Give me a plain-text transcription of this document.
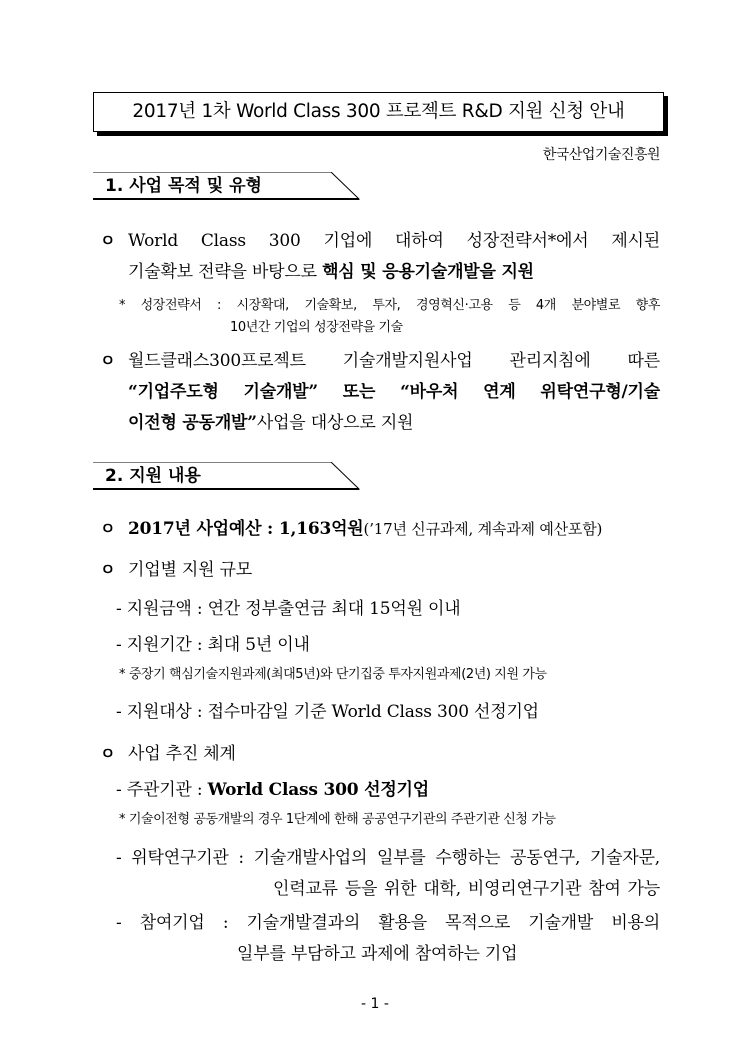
2017년 1차 World Class 300 프로젝트 R&D 지원 신청 안내
한국산업기술진흥원
1. 사업 목적 및 유형
ㅇ World Class 300 기업에 대하여 성장전략서*에서 제시된
기술확보 전략을 바탕으로 핵심 및 응용기술개발을 지원
* 성장전략서 : 시장확대, 기술확보, 투자, 경영혁신·고용 등 4개 분야별로 향후
10년간 기업의 성장전략을 기술
ㅇ 월드클래스300프로젝트 기술개발지원사업 관리지침에 따른
“기업주도형 기술개발” 또는 “바우처 연계 위탁연구형/기술
이전형 공동개발”사업을 대상으로 지원
2. 지원 내용
ㅇ 2017년 사업예산 : 1,163억원(’17년 신규과제, 계속과제 예산포함)
ㅇ 기업별 지원 규모
- 지원금액 : 연간 정부출연금 최대 15억원 이내
- 지원기간 : 최대 5년 이내
* 중장기 핵심기술지원과제(최대5년)와 단기집중 투자지원과제(2년) 지원 가능
- 지원대상 : 접수마감일 기준 World Class 300 선정기업
ㅇ 사업 추진 체계
- 주관기관 : World Class 300 선정기업
* 기술이전형 공동개발의 경우 1단계에 한해 공공연구기관의 주관기관 신청 가능
- 위탁연구기관 : 기술개발사업의 일부를 수행하는 공동연구, 기술자문,
인력교류 등을 위한 대학, 비영리연구기관 참여 가능
- 참여기업 : 기술개발결과의 활용을 목적으로 기술개발 비용의
일부를 부담하고 과제에 참여하는 기업
- 1 -
